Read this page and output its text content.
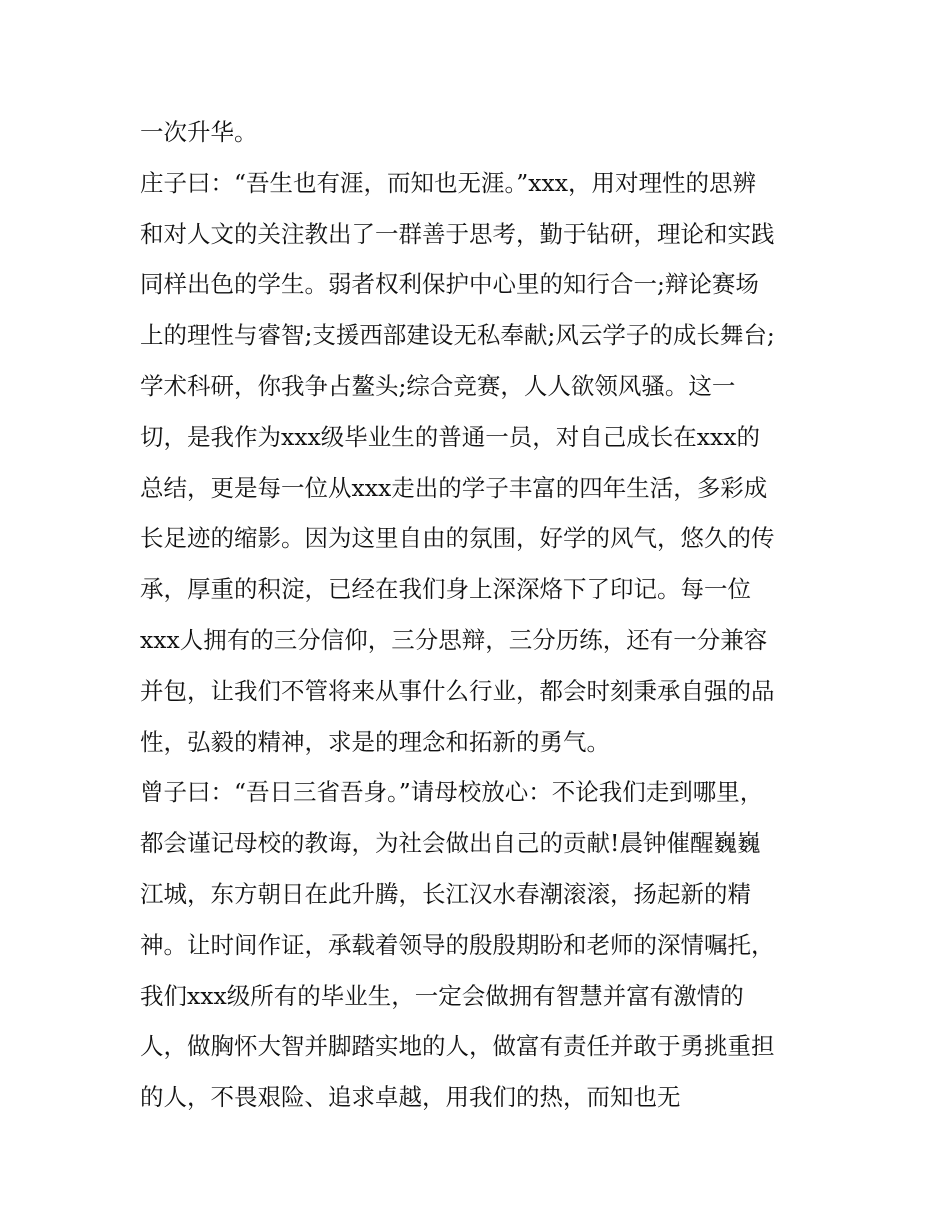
一次升华。
庄子曰：“吾生也有涯，而知也无涯。”xxx，用对理性的思辨
和对人文的关注教出了一群善于思考，勤于钻研，理论和实践
同样出色的学生。弱者权利保护中心里的知行合一;辩论赛场
上的理性与睿智;支援西部建设无私奉献;风云学子的成长舞台;
学术科研，你我争占鳌头;综合竞赛，人人欲领风骚。这一
切，是我作为xxx级毕业生的普通一员，对自己成长在xxx的
总结，更是每一位从xxx走出的学子丰富的四年生活，多彩成
长足迹的缩影。因为这里自由的氛围，好学的风气，悠久的传
承，厚重的积淀，已经在我们身上深深烙下了印记。每一位
xxx人拥有的三分信仰，三分思辩，三分历练，还有一分兼容
并包，让我们不管将来从事什么行业，都会时刻秉承自强的品
性，弘毅的精神，求是的理念和拓新的勇气。
曾子曰：“吾日三省吾身。”请母校放心：不论我们走到哪里，
都会谨记母校的教诲，为社会做出自己的贡献!晨钟催醒巍巍
江城，东方朝日在此升腾，长江汉水春潮滚滚，扬起新的精
神。让时间作证，承载着领导的殷殷期盼和老师的深情嘱托，
我们xxx级所有的毕业生，一定会做拥有智慧并富有激情的
人，做胸怀大智并脚踏实地的人，做富有责任并敢于勇挑重担
的人，不畏艰险、追求卓越，用我们的热，而知也无
